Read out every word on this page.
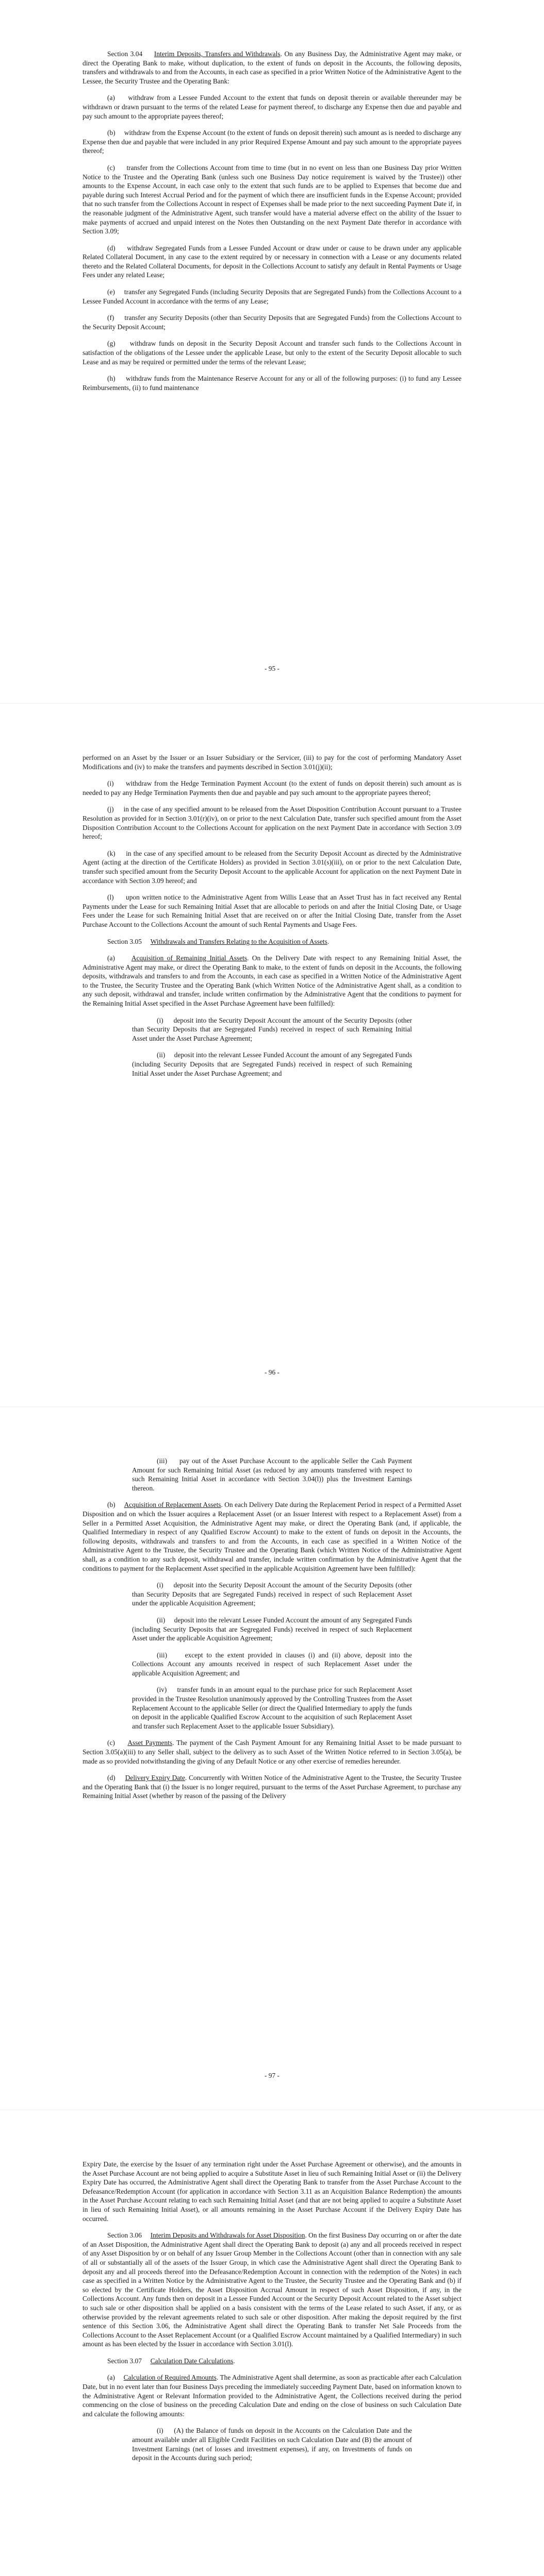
Section 3.04 Interim Deposits, Transfers and Withdrawals. On any Business Day, the Administrative Agent may make, or direct the Operating Bank to make, without duplication, to the extent of funds on deposit in the Accounts, the following deposits, transfers and withdrawals to and from the Accounts, in each case as specified in a prior Written Notice of the Administrative Agent to the Lessee, the Security Trustee and the Operating Bank:

(a) withdraw from a Lessee Funded Account to the extent that funds on deposit therein or available thereunder may be withdrawn or drawn pursuant to the terms of the related Lease for payment thereof, to discharge any Expense then due and payable and pay such amount to the appropriate payees thereof;

(b) withdraw from the Expense Account (to the extent of funds on deposit therein) such amount as is needed to discharge any Expense then due and payable that were included in any prior Required Expense Amount and pay such amount to the appropriate payees thereof;

(c) transfer from the Collections Account from time to time (but in no event on less than one Business Day prior Written Notice to the Trustee and the Operating Bank (unless such one Business Day notice requirement is waived by the Trustee)) other amounts to the Expense Account, in each case only to the extent that such funds are to be applied to Expenses that become due and payable during such Interest Accrual Period and for the payment of which there are insufficient funds in the Expense Account; provided that no such transfer from the Collections Account in respect of Expenses shall be made prior to the next succeeding Payment Date if, in the reasonable judgment of the Administrative Agent, such transfer would have a material adverse effect on the ability of the Issuer to make payments of accrued and unpaid interest on the Notes then Outstanding on the next Payment Date therefor in accordance with Section 3.09;

(d) withdraw Segregated Funds from a Lessee Funded Account or draw under or cause to be drawn under any applicable Related Collateral Document, in any case to the extent required by or necessary in connection with a Lease or any documents related thereto and the Related Collateral Documents, for deposit in the Collections Account to satisfy any default in Rental Payments or Usage Fees under any related Lease;

(e) transfer any Segregated Funds (including Security Deposits that are Segregated Funds) from the Collections Account to a Lessee Funded Account in accordance with the terms of any Lease;

(f) transfer any Security Deposits (other than Security Deposits that are Segregated Funds) from the Collections Account to the Security Deposit Account;

(g) withdraw funds on deposit in the Security Deposit Account and transfer such funds to the Collections Account in satisfaction of the obligations of the Lessee under the applicable Lease, but only to the extent of the Security Deposit allocable to such Lease and as may be required or permitted under the terms of the relevant Lease;

(h) withdraw funds from the Maintenance Reserve Account for any or all of the following purposes: (i) to fund any Lessee Reimbursements, (ii) to fund maintenance

- 95 -

performed on an Asset by the Issuer or an Issuer Subsidiary or the Servicer, (iii) to pay for the cost of performing Mandatory Asset Modifications and (iv) to make the transfers and payments described in Section 3.01(j)(ii);

(i) withdraw from the Hedge Termination Payment Account (to the extent of funds on deposit therein) such amount as is needed to pay any Hedge Termination Payments then due and payable and pay such amount to the appropriate payees thereof;

(j) in the case of any specified amount to be released from the Asset Disposition Contribution Account pursuant to a Trustee Resolution as provided for in Section 3.01(r)(iv), on or prior to the next Calculation Date, transfer such specified amount from the Asset Disposition Contribution Account to the Collections Account for application on the next Payment Date in accordance with Section 3.09 hereof;

(k) in the case of any specified amount to be released from the Security Deposit Account as directed by the Administrative Agent (acting at the direction of the Certificate Holders) as provided in Section 3.01(s)(iii), on or prior to the next Calculation Date, transfer such specified amount from the Security Deposit Account to the applicable Account for application on the next Payment Date in accordance with Section 3.09 hereof; and

(l) upon written notice to the Administrative Agent from Willis Lease that an Asset Trust has in fact received any Rental Payments under the Lease for such Remaining Initial Asset that are allocable to periods on and after the Initial Closing Date, or Usage Fees under the Lease for such Remaining Initial Asset that are received on or after the Initial Closing Date, transfer from the Asset Purchase Account to the Collections Account the amount of such Rental Payments and Usage Fees.

Section 3.05 Withdrawals and Transfers Relating to the Acquisition of Assets.

(a) Acquisition of Remaining Initial Assets. On the Delivery Date with respect to any Remaining Initial Asset, the Administrative Agent may make, or direct the Operating Bank to make, to the extent of funds on deposit in the Accounts, the following deposits, withdrawals and transfers to and from the Accounts, in each case as specified in a Written Notice of the Administrative Agent to the Trustee, the Security Trustee and the Operating Bank (which Written Notice of the Administrative Agent shall, as a condition to any such deposit, withdrawal and transfer, include written confirmation by the Administrative Agent that the conditions to payment for the Remaining Initial Asset specified in the Asset Purchase Agreement have been fulfilled):

(i) deposit into the Security Deposit Account the amount of the Security Deposits (other than Security Deposits that are Segregated Funds) received in respect of such Remaining Initial Asset under the Asset Purchase Agreement;

(ii) deposit into the relevant Lessee Funded Account the amount of any Segregated Funds (including Security Deposits that are Segregated Funds) received in respect of such Remaining Initial Asset under the Asset Purchase Agreement; and

- 96 -

(iii) pay out of the Asset Purchase Account to the applicable Seller the Cash Payment Amount for such Remaining Initial Asset (as reduced by any amounts transferred with respect to such Remaining Initial Asset in accordance with Section 3.04(l)) plus the Investment Earnings thereon.

(b) Acquisition of Replacement Assets. On each Delivery Date during the Replacement Period in respect of a Permitted Asset Disposition and on which the Issuer acquires a Replacement Asset (or an Issuer Interest with respect to a Replacement Asset) from a Seller in a Permitted Asset Acquisition, the Administrative Agent may make, or direct the Operating Bank (and, if applicable, the Qualified Intermediary in respect of any Qualified Escrow Account) to make to the extent of funds on deposit in the Accounts, the following deposits, withdrawals and transfers to and from the Accounts, in each case as specified in a Written Notice of the Administrative Agent to the Trustee, the Security Trustee and the Operating Bank (which Written Notice of the Administrative Agent shall, as a condition to any such deposit, withdrawal and transfer, include written confirmation by the Administrative Agent that the conditions to payment for the Replacement Asset specified in the applicable Acquisition Agreement have been fulfilled):

(i) deposit into the Security Deposit Account the amount of the Security Deposits (other than Security Deposits that are Segregated Funds) received in respect of such Replacement Asset under the applicable Acquisition Agreement;

(ii) deposit into the relevant Lessee Funded Account the amount of any Segregated Funds (including Security Deposits that are Segregated Funds) received in respect of such Replacement Asset under the applicable Acquisition Agreement;

(iii)	except to the extent provided in clauses (i) and (ii) above, deposit into the Collections Account any amounts received in respect of such Replacement Asset under the applicable Acquisition Agreement; and

(iv) transfer funds in an amount equal to the purchase price for such Replacement Asset provided in the Trustee Resolution unanimously approved by the Controlling Trustees from the Asset Replacement Account to the applicable Seller (or direct the Qualified Intermediary to apply the funds on deposit in the applicable Qualified Escrow Account to the acquisition of such Replacement Asset and transfer such Replacement Asset to the applicable Issuer Subsidiary).

(c) Asset Payments. The payment of the Cash Payment Amount for any Remaining Initial Asset to be made pursuant to Section 3.05(a)(iii) to any Seller shall, subject to the delivery as to such Asset of the Written Notice referred to in Section 3.05(a), be made as so provided notwithstanding the giving of any Default Notice or any other exercise of remedies hereunder.

(d) Delivery Expiry Date. Concurrently with Written Notice of the Administrative Agent to the Trustee, the Security Trustee and the Operating Bank that (i) the Issuer is no longer required, pursuant to the terms of the Asset Purchase Agreement, to purchase any Remaining Initial Asset (whether by reason of the passing of the Delivery

- 97 -

Expiry Date, the exercise by the Issuer of any termination right under the Asset Purchase Agreement or otherwise), and the amounts in the Asset Purchase Account are not being applied to acquire a Substitute Asset in lieu of such Remaining Initial Asset or (ii) the Delivery Expiry Date has occurred, the Administrative Agent shall direct the Operating Bank to transfer from the Asset Purchase Account to the Defeasance/Redemption Account (for application in accordance with Section 3.11 as an Acquisition Balance Redemption) the amounts in the Asset Purchase Account relating to each such Remaining Initial Asset (and that are not being applied to acquire a Substitute Asset in lieu of such Remaining Initial Asset), or all amounts remaining in the Asset Purchase Account if the Delivery Expiry Date has occurred.

Section 3.06 Interim Deposits and Withdrawals for Asset Disposition. On the first Business Day occurring on or after the date of an Asset Disposition, the Administrative Agent shall direct the Operating Bank to deposit (a) any and all proceeds received in respect of any Asset Disposition by or on behalf of any Issuer Group Member in the Collections Account (other than in connection with any sale of all or substantially all of the assets of the Issuer Group, in which case the Administrative Agent shall direct the Operating Bank to deposit any and all proceeds thereof into the Defeasance/Redemption Account in connection with the redemption of the Notes) in each case as specified in a Written Notice by the Administrative Agent to the Trustee, the Security Trustee and the Operating Bank and (b) if so elected by the Certificate Holders, the Asset Disposition Accrual Amount in respect of such Asset Disposition, if any, in the Collections Account. Any funds then on deposit in a Lessee Funded Account or the Security Deposit Account related to the Asset subject to such sale or other disposition shall be applied on a basis consistent with the terms of the Lease related to such Asset, if any, or as otherwise provided by the relevant agreements related to such sale or other disposition. After making the deposit required by the first sentence of this Section 3.06, the Administrative Agent shall direct the Operating Bank to transfer Net Sale Proceeds from the Collections Account to the Asset Replacement Account (or a Qualified Escrow Account maintained by a Qualified Intermediary) in such amount as has been elected by the Issuer in accordance with Section 3.01(l).

Section 3.07 Calculation Date Calculations.

(a) Calculation of Required Amounts. The Administrative Agent shall determine, as soon as practicable after each Calculation Date, but in no event later than four Business Days preceding the immediately succeeding Payment Date, based on information known to the Administrative Agent or Relevant Information provided to the Administrative Agent, the Collections received during the period commencing on the close of business on the preceding Calculation Date and ending on the close of business on such Calculation Date and calculate the following amounts:

(i) (A) the Balance of funds on deposit in the Accounts on the Calculation Date and the amount available under all Eligible Credit Facilities on such Calculation Date and (B) the amount of Investment Earnings (net of losses and investment expenses), if any, on Investments of funds on deposit in the Accounts during such period;
